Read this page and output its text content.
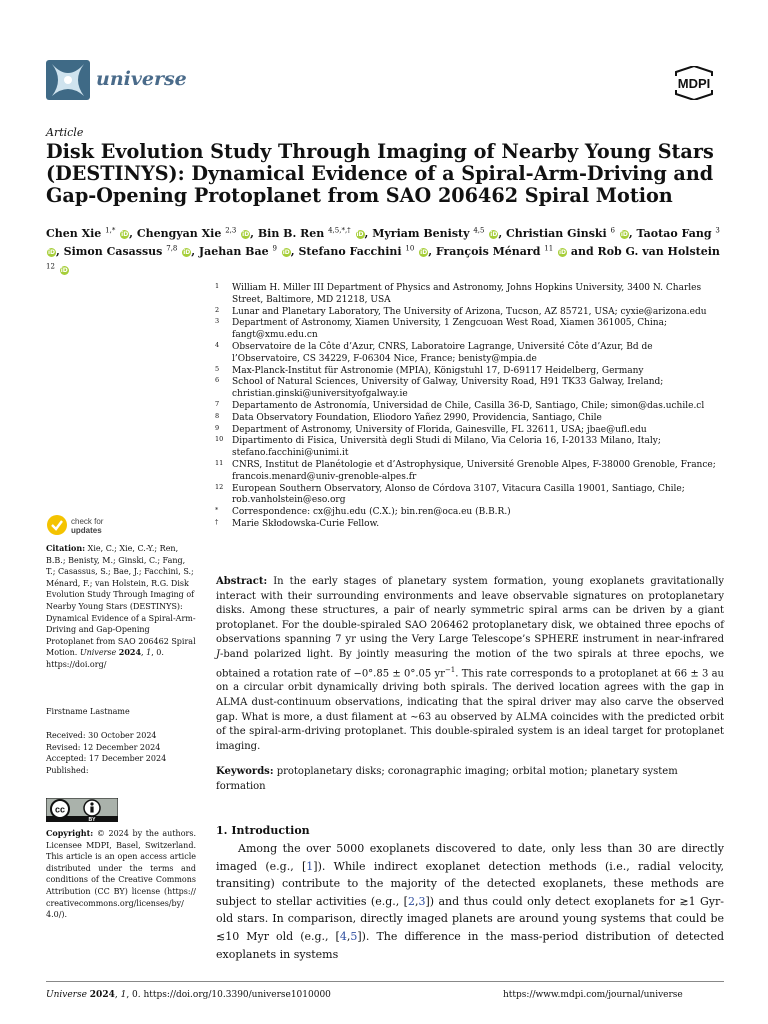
universe	MDPI
Article
Disk Evolution Study Through Imaging of Nearby Young Stars (DESTINYS): Dynamical Evidence of a Spiral-Arm-Driving and Gap-Opening Protoplanet from SAO 206462 Spiral Motion
Chen Xie $^{1,*}$ iD, Chengyan Xie $^{2,3}$ iD, Bin B. Ren $^{4,5,*,\dagger}$ iD, Myriam Benisty $^{4,5}$ iD, Christian Ginski $^6$ iD, Taotao Fang $^3$ iD, Simon Casassus $^{7,8}$ iD, Jaehan Bae $^9$ iD, Stefano Facchini $^{10}$ iD, François Ménard $^{11}$ iD and Rob G. van Holstein $^{12}$ iD
1 William H. Miller III Department of Physics and Astronomy, Johns Hopkins University, 3400 N. Charles Street, Baltimore, MD 21218, USA
2 Lunar and Planetary Laboratory, The University of Arizona, Tucson, AZ 85721, USA; cyxie@arizona.edu
3 Department of Astronomy, Xiamen University, 1 Zengcuoan West Road, Xiamen 361005, China; fangt@xmu.edu.cn
4 Observatoire de la Côte d’Azur, CNRS, Laboratoire Lagrange, Université Côte d’Azur, Bd de l’Observatoire, CS 34229, F-06304 Nice, France; benisty@mpia.de
5 Max-Planck-Institut für Astronomie (MPIA), Königstuhl 17, D-69117 Heidelberg, Germany
6 School of Natural Sciences, University of Galway, University Road, H91 TK33 Galway, Ireland; christian.ginski@universityofgalway.ie
7 Departamento de Astronomía, Universidad de Chile, Casilla 36-D, Santiago, Chile; simon@das.uchile.cl
8 Data Observatory Foundation, Eliodoro Yañez 2990, Providencia, Santiago, Chile
9 Department of Astronomy, University of Florida, Gainesville, FL 32611, USA; jbae@ufl.edu
10 Dipartimento di Fisica, Università degli Studi di Milano, Via Celoria 16, I-20133 Milano, Italy; stefano.facchini@unimi.it
11 CNRS, Institut de Planétologie et d’Astrophysique, Université Grenoble Alpes, F-38000 Grenoble, France; francois.menard@univ-grenoble-alpes.fr
12 European Southern Observatory, Alonso de Córdova 3107, Vitacura Casilla 19001, Santiago, Chile; rob.vanholstein@eso.org
* Correspondence: cx@jhu.edu (C.X.); bin.ren@oca.eu (B.B.R.)
† Marie Skłodowska-Curie Fellow.
check for
updates
Citation: Xie, C.; Xie, C.-Y.; Ren, B.B.; Benisty, M.; Ginski, C.; Fang, T.; Casassus, S.; Bae, J.; Facchini, S.; Ménard, F.; van Holstein, R.G. Disk Evolution Study Through Imaging of Nearby Young Stars (DESTINYS): Dynamical Evidence of a Spiral-Arm-Driving and Gap-Opening Protoplanet from SAO 206462 Spiral Motion. Universe 2024, 1, 0. https://doi.org/
Firstname Lastname
Received: 30 October 2024
Revised: 12 December 2024
Accepted: 17 December 2024
Published:
cc
BY
Copyright: © 2024 by the authors. Licensee MDPI, Basel, Switzerland. This article is an open access article distributed under the terms and conditions of the Creative Commons Attribution (CC BY) license (https:// creativecommons.org/licenses/by/ 4.0/).

Abstract: In the early stages of planetary system formation, young exoplanets gravitationally interact with their surrounding environments and leave observable signatures on protoplanetary disks. Among these structures, a pair of nearly symmetric spiral arms can be driven by a giant protoplanet. For the double-spiraled SAO 206462 protoplanetary disk, we obtained three epochs of observations spanning 7 yr using the Very Large Telescope’s SPHERE instrument in near-infrared J-band polarized light. By jointly measuring the motion of the two spirals at three epochs, we obtained a rotation rate of −0°.85 ± 0°.05 $yr^{-1}$. This rate corresponds to a protoplanet at 66 ± 3 au on a circular orbit dynamically driving both spirals. The derived location agrees with the gap in ALMA dust-continuum observations, indicating that the spiral driver may also carve the observed gap. What is more, a dust filament at ∼63 au observed by ALMA coincides with the predicted orbit of the spiral-arm-driving protoplanet. This double-spiraled system is an ideal target for protoplanet imaging.

Keywords: protoplanetary disks; coronagraphic imaging; orbital motion; planetary system formation

1. Introduction

Among the over 5000 exoplanets discovered to date, only less than 30 are directly imaged (e.g., [1]). While indirect exoplanet detection methods (i.e., radial velocity, transiting) contribute to the majority of the detected exoplanets, these methods are subject to stellar activities (e.g., [2,3]) and thus could only detect exoplanets for ≳1 Gyr-old stars. In comparison, directly imaged planets are around young systems that could be ≲10 Myr old (e.g., [4,5]). The difference in the mass-period distribution of detected exoplanets in systems

Universe 2024, 1, 0. https://doi.org/10.3390/universe1010000	https://www.mdpi.com/journal/universe
